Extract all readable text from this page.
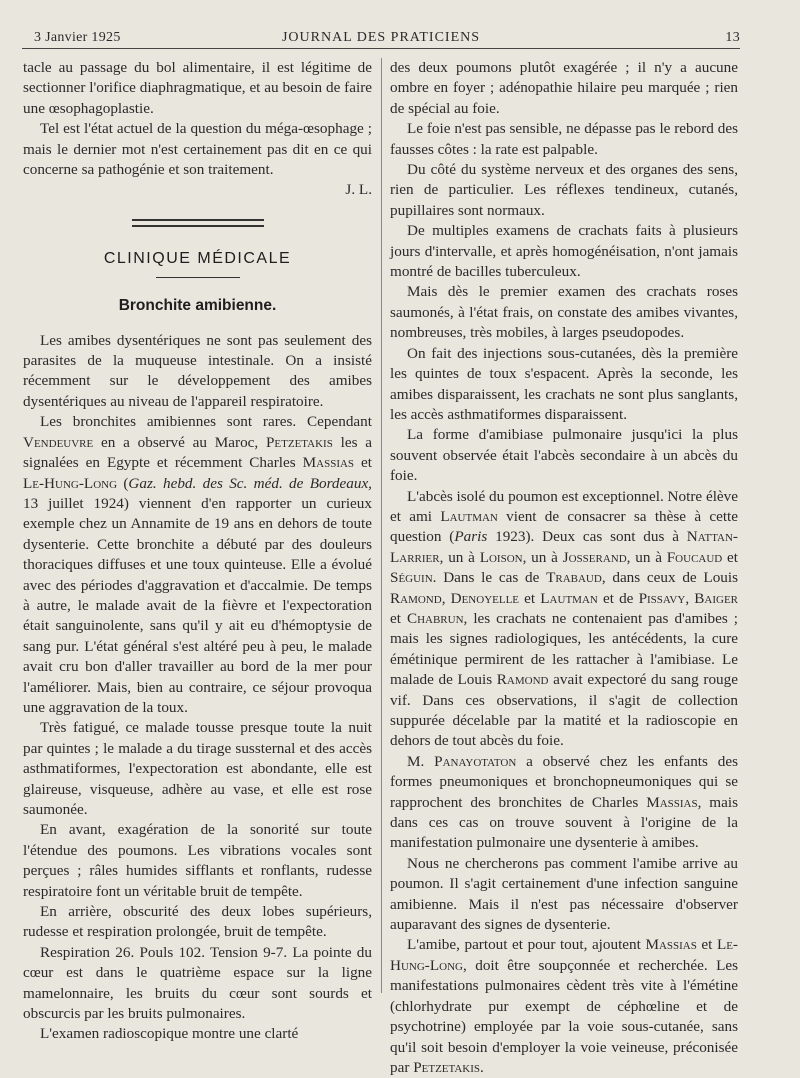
3 Janvier 1925	JOURNAL DES PRATICIENS	13

tacle au passage du bol alimentaire, il est légitime de sectionner l'orifice diaphragmatique, et au besoin de faire une œsophagoplastie.

Tel est l'état actuel de la question du méga-œsophage ; mais le dernier mot n'est certainement pas dit en ce qui concerne sa pathogénie et son traitement.

J. L.

CLINIQUE MÉDICALE
Bronchite amibienne.

Les amibes dysentériques ne sont pas seulement des parasites de la muqueuse intestinale. On a insisté récemment sur le développement des amibes dysentériques au niveau de l'appareil respiratoire.

Les bronchites amibiennes sont rares. Cependant Vendeuvre en a observé au Maroc, Petzetakis les a signalées en Egypte et récemment Charles Massias et Le-Hung-Long (Gaz. hebd. des Sc. méd. de Bordeaux, 13 juillet 1924) viennent d'en rapporter un curieux exemple chez un Annamite de 19 ans en dehors de toute dysenterie. Cette bronchite a débuté par des douleurs thoraciques diffuses et une toux quinteuse. Elle a évolué avec des périodes d'aggravation et d'accalmie. De temps à autre, le malade avait de la fièvre et l'expectoration était sanguinolente, sans qu'il y ait eu d'hémoptysie de sang pur. L'état général s'est altéré peu à peu, le malade avait cru bon d'aller travailler au bord de la mer pour l'améliorer. Mais, bien au contraire, ce séjour provoqua une aggravation de la toux.

Très fatigué, ce malade tousse presque toute la nuit par quintes ; le malade a du tirage sussternal et des accès asthmatiformes, l'expectoration est abondante, elle est glaireuse, visqueuse, adhère au vase, et elle est rose saumonée.

En avant, exagération de la sonorité sur toute l'étendue des poumons. Les vibrations vocales sont perçues ; râles humides sifflants et ronflants, rudesse respiratoire font un véritable bruit de tempête.

En arrière, obscurité des deux lobes supérieurs, rudesse et respiration prolongée, bruit de tempête.

Respiration 26. Pouls 102. Tension 9-7. La pointe du cœur est dans le quatrième espace sur la ligne mamelonnaire, les bruits du cœur sont sourds et obscurcis par les bruits pulmonaires.

L'examen radioscopique montre une clarté

des deux poumons plutôt exagérée ; il n'y a aucune ombre en foyer ; adénopathie hilaire peu marquée ; rien de spécial au foie.

Le foie n'est pas sensible, ne dépasse pas le rebord des fausses côtes : la rate est palpable.

Du côté du système nerveux et des organes des sens, rien de particulier. Les réflexes tendineux, cutanés, pupillaires sont normaux.

De multiples examens de crachats faits à plusieurs jours d'intervalle, et après homogénéisation, n'ont jamais montré de bacilles tuberculeux.

Mais dès le premier examen des crachats roses saumonés, à l'état frais, on constate des amibes vivantes, nombreuses, très mobiles, à larges pseudopodes.

On fait des injections sous-cutanées, dès la première les quintes de toux s'espacent. Après la seconde, les amibes disparaissent, les crachats ne sont plus sanglants, les accès asthmatiformes disparaissent.

La forme d'amibiase pulmonaire jusqu'ici la plus souvent observée était l'abcès secondaire à un abcès du foie.

L'abcès isolé du poumon est exceptionnel. Notre élève et ami Lautman vient de consacrer sa thèse à cette question (Paris 1923). Deux cas sont dus à Nattan-Larrier, un à Loison, un à Josserand, un à Foucaud et Séguin. Dans le cas de Trabaud, dans ceux de Louis Ramond, Denoyelle et Lautman et de Pissavy, Baiger et Chabrun, les crachats ne contenaient pas d'amibes ; mais les signes radiologiques, les antécédents, la cure émétinique permirent de les rattacher à l'amibiase. Le malade de Louis Ramond avait expectoré du sang rouge vif. Dans ces observations, il s'agit de collection suppurée décelable par la matité et la radioscopie en dehors de tout abcès du foie.

M. Panayotaton a observé chez les enfants des formes pneumoniques et bronchopneumoniques qui se rapprochent des bronchites de Charles Massias, mais dans ces cas on trouve souvent à l'origine de la manifestation pulmonaire une dysenterie à amibes.

Nous ne chercherons pas comment l'amibe arrive au poumon. Il s'agit certainement d'une infection sanguine amibienne. Mais il n'est pas nécessaire d'observer auparavant des signes de dysenterie.

L'amibe, partout et pour tout, ajoutent Massias et Le-Hung-Long, doit être soupçonnée et recherchée. Les manifestations pulmonaires cèdent très vite à l'émétine (chlorhydrate pur exempt de céphœline et de psychotrine) employée par la voie sous-cutanée, sans qu'il soit besoin d'employer la voie veineuse, préconisée par Petzetakis.
